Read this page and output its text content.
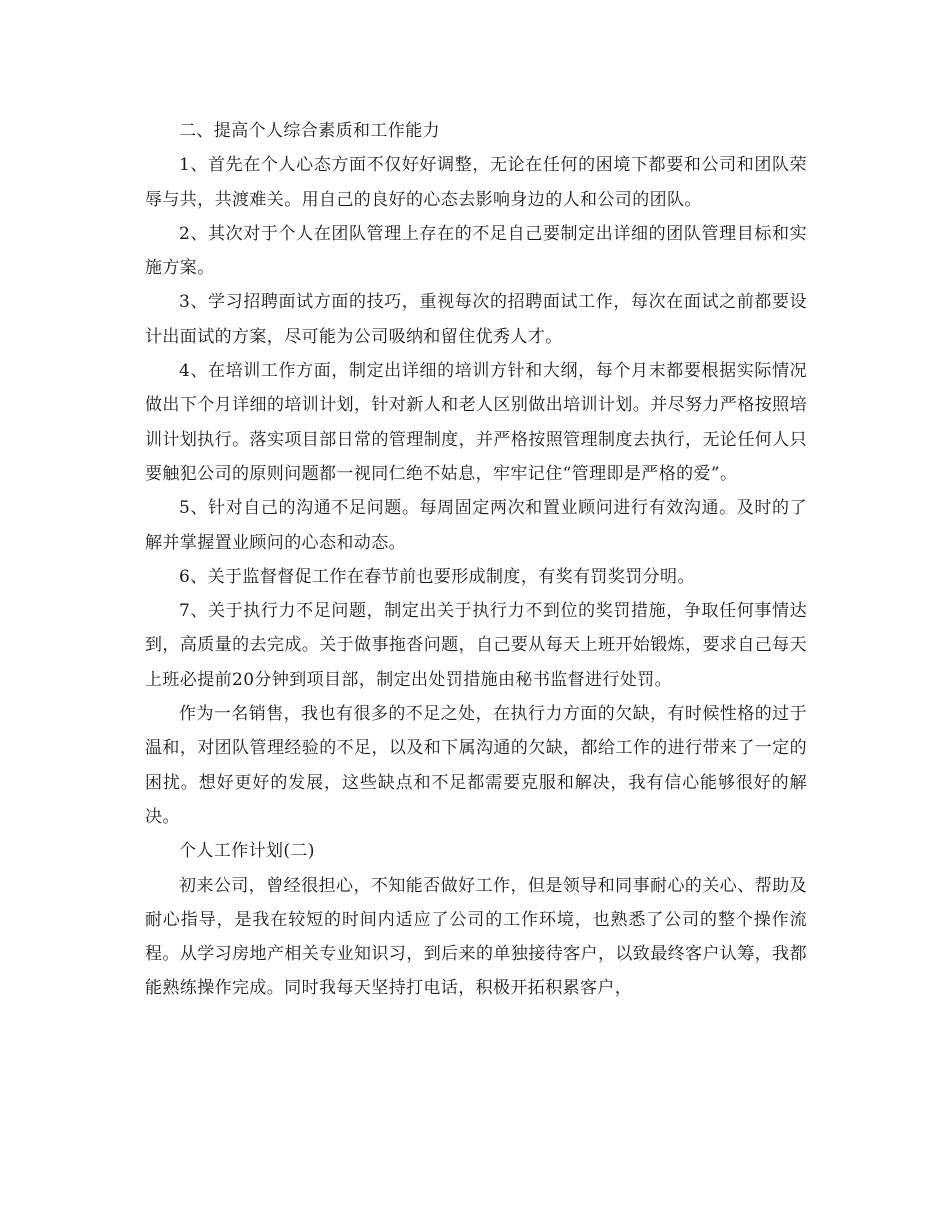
二、提高个人综合素质和工作能力

1、首先在个人心态方面不仅好好调整，无论在任何的困境下都要和公司和团队荣辱与共，共渡难关。用自己的良好的心态去影响身边的人和公司的团队。

2、其次对于个人在团队管理上存在的不足自己要制定出详细的团队管理目标和实施方案。

3、学习招聘面试方面的技巧，重视每次的招聘面试工作，每次在面试之前都要设计出面试的方案，尽可能为公司吸纳和留住优秀人才。

4、在培训工作方面，制定出详细的培训方针和大纲，每个月末都要根据实际情况做出下个月详细的培训计划，针对新人和老人区别做出培训计划。并尽努力严格按照培训计划执行。落实项目部日常的管理制度，并严格按照管理制度去执行，无论任何人只要触犯公司的原则问题都一视同仁绝不姑息，牢牢记住“管理即是严格的爱”。

5、针对自己的沟通不足问题。每周固定两次和置业顾问进行有效沟通。及时的了解并掌握置业顾问的心态和动态。

6、关于监督督促工作在春节前也要形成制度，有奖有罚奖罚分明。

7、关于执行力不足问题，制定出关于执行力不到位的奖罚措施，争取任何事情达到，高质量的去完成。关于做事拖沓问题，自己要从每天上班开始锻炼，要求自己每天上班必提前20分钟到项目部，制定出处罚措施由秘书监督进行处罚。

作为一名销售，我也有很多的不足之处，在执行力方面的欠缺，有时候性格的过于温和，对团队管理经验的不足，以及和下属沟通的欠缺，都给工作的进行带来了一定的困扰。想好更好的发展，这些缺点和不足都需要克服和解决，我有信心能够很好的解决。

个人工作计划(二)

初来公司，曾经很担心，不知能否做好工作，但是领导和同事耐心的关心、帮助及耐心指导，是我在较短的时间内适应了公司的工作环境，也熟悉了公司的整个操作流程。从学习房地产相关专业知识习，到后来的单独接待客户，以致最终客户认筹，我都能熟练操作完成。同时我每天坚持打电话，积极开拓积累客户，
